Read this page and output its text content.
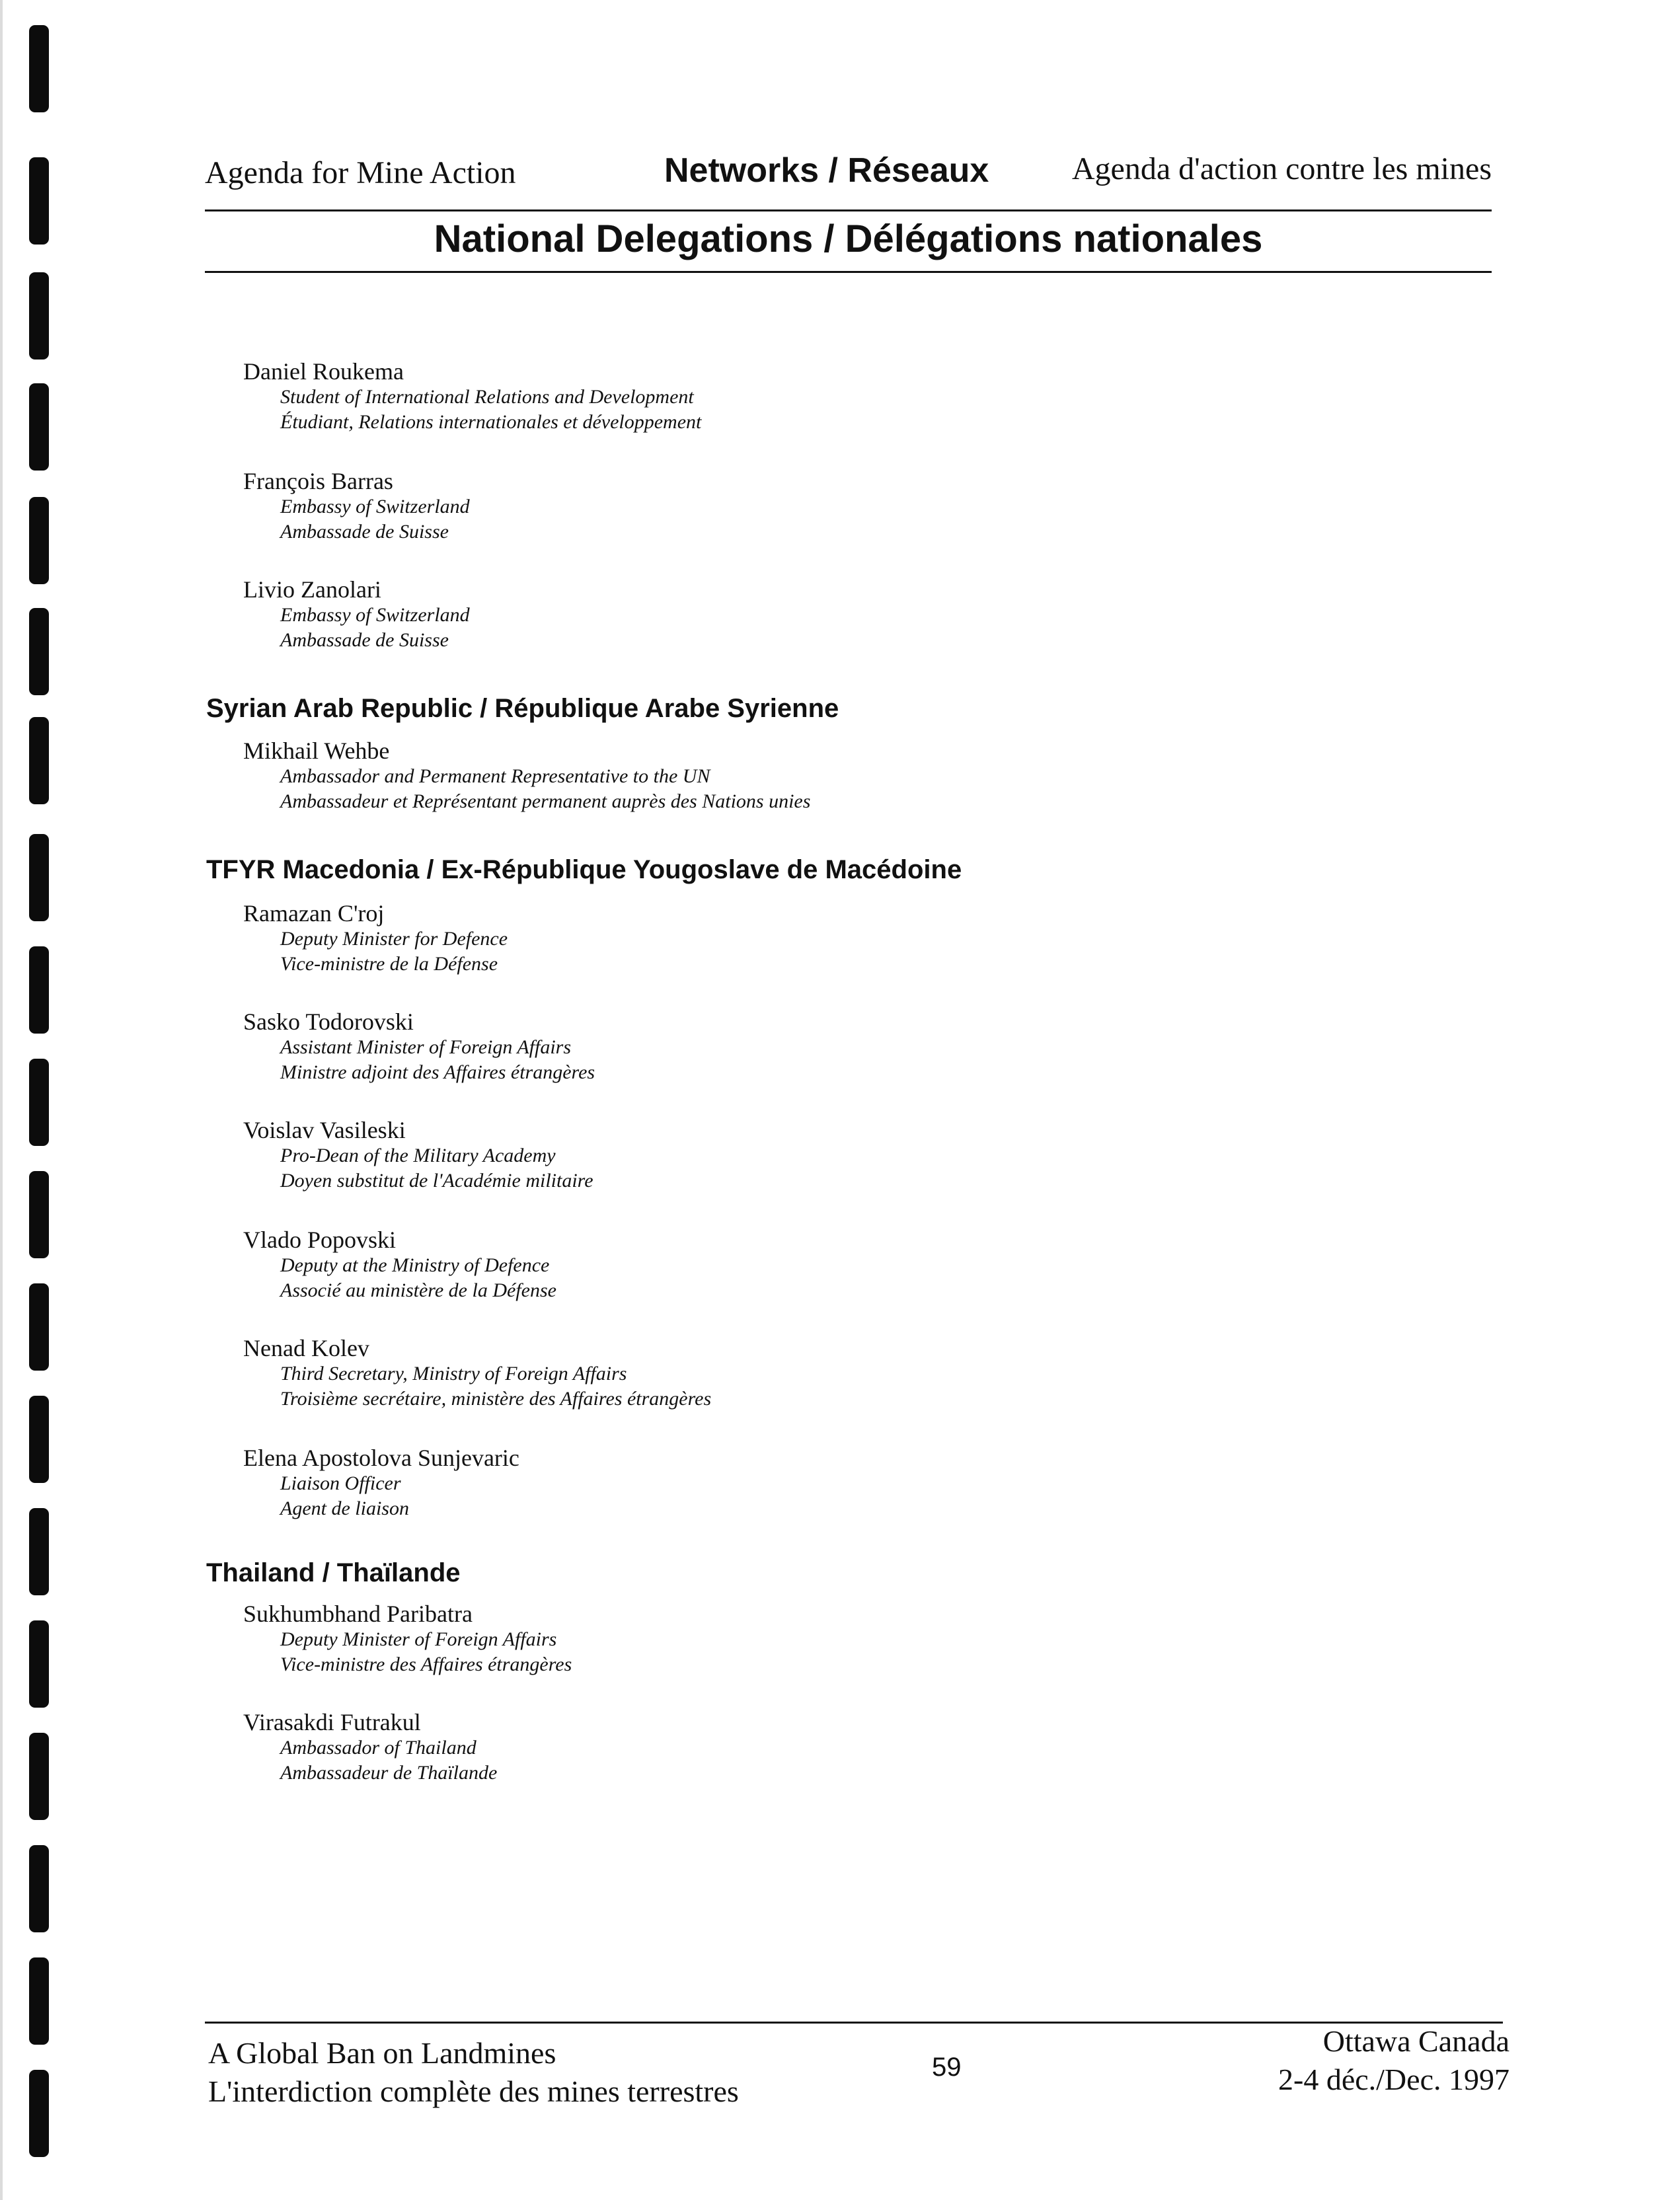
Agenda for Mine Action	Networks / Réseaux	Agenda d'action contre les mines
National Delegations / Délégations nationales
Daniel Roukema
Student of International Relations and Development
Étudiant, Relations internationales et développement
François Barras
Embassy of Switzerland
Ambassade de Suisse
Livio Zanolari
Embassy of Switzerland
Ambassade de Suisse
Syrian Arab Republic / République Arabe Syrienne
Mikhail Wehbe
Ambassador and Permanent Representative to the UN
Ambassadeur et Représentant permanent auprès des Nations unies
TFYR Macedonia / Ex-République Yougoslave de Macédoine
Ramazan C'roj
Deputy Minister for Defence
Vice-ministre de la Défense
Sasko Todorovski
Assistant Minister of Foreign Affairs
Ministre adjoint des Affaires étrangères
Voislav Vasileski
Pro-Dean of the Military Academy
Doyen substitut de l'Académie militaire
Vlado Popovski
Deputy at the Ministry of Defence
Associé au ministère de la Défense
Nenad Kolev
Third Secretary, Ministry of Foreign Affairs
Troisième secrétaire, ministère des Affaires étrangères
Elena Apostolova Sunjevaric
Liaison Officer
Agent de liaison
Thailand / Thaïlande
Sukhumbhand Paribatra
Deputy Minister of Foreign Affairs
Vice-ministre des Affaires étrangères
Virasakdi Futrakul
Ambassador of Thailand
Ambassadeur de Thaïlande
A Global Ban on Landmines
L'interdiction complète des mines terrestres
59
Ottawa Canada
2-4 déc./Dec. 1997
